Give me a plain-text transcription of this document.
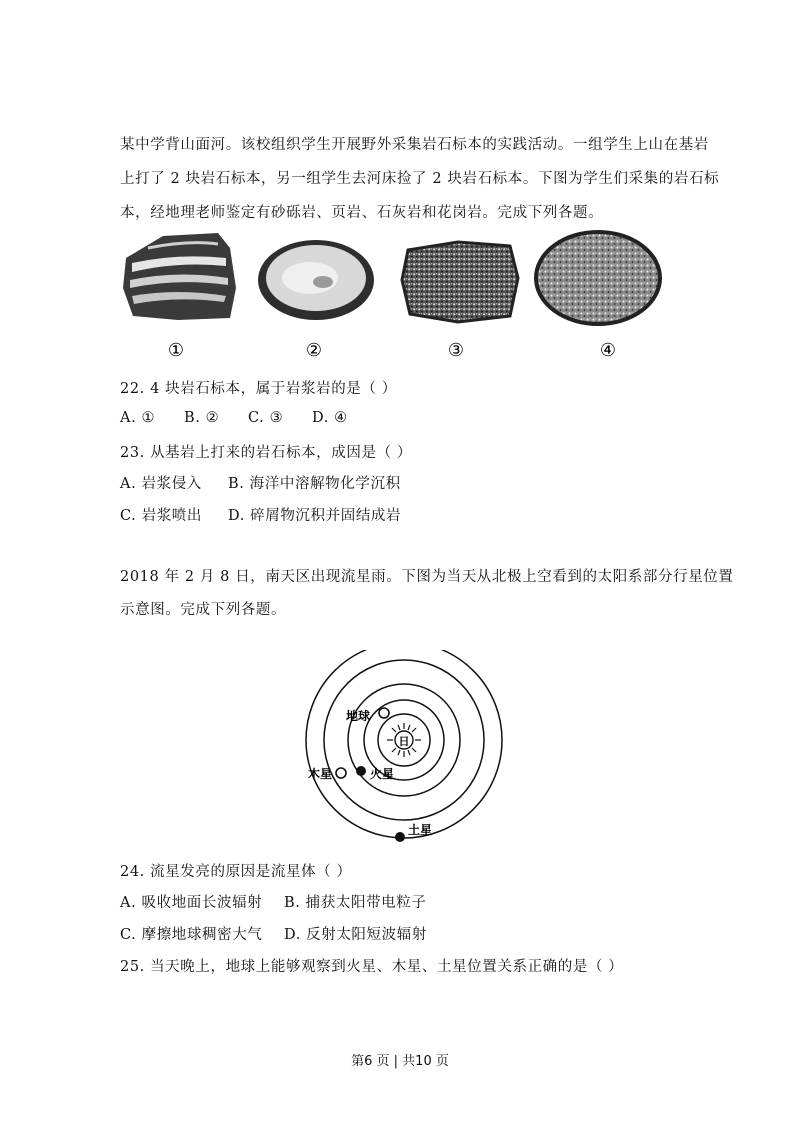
某中学背山面河。该校组织学生开展野外采集岩石标本的实践活动。一组学生上山在基岩
上打了 2 块岩石标本，另一组学生去河床捡了 2 块岩石标本。下图为学生们采集的岩石标
本，经地理老师鉴定有砂砾岩、页岩、石灰岩和花岗岩。完成下列各题。
①	②	③	④
22. 4 块岩石标本，属于岩浆岩的是（ ）
A. ① B. ② C. ③ D. ④
23. 从基岩上打来的岩石标本，成因是（ ）
A. 岩浆侵入 B. 海洋中溶解物化学沉积
C. 岩浆喷出 D. 碎屑物沉积并固结成岩
2018 年 2 月 8 日，南天区出现流星雨。下图为当天从北极上空看到的太阳系部分行星位置
示意图。完成下列各题。
日
地球
火星
木星
土星
24. 流星发亮的原因是流星体（ ）
A. 吸收地面长波辐射 B. 捕获太阳带电粒子
C. 摩擦地球稠密大气 D. 反射太阳短波辐射
25. 当天晚上，地球上能够观察到火星、木星、土星位置关系正确的是（ ）
第6 页 | 共10 页
